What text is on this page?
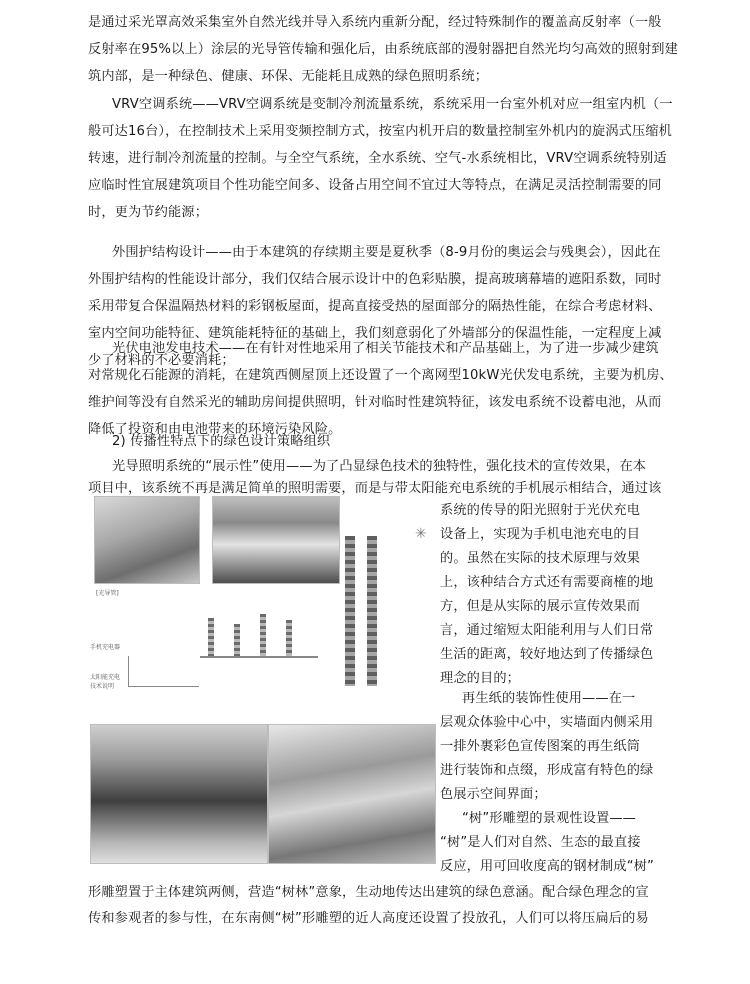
是通过采光罩高效采集室外自然光线并导入系统内重新分配，经过特殊制作的覆盖高反射率（一般
反射率在95%以上）涂层的光导管传输和强化后，由系统底部的漫射器把自然光均匀高效的照射到建
筑内部，是一种绿色、健康、环保、无能耗且成熟的绿色照明系统；
VRV空调系统——VRV空调系统是变制冷剂流量系统，系统采用一台室外机对应一组室内机（一
般可达16台），在控制技术上采用变频控制方式，按室内机开启的数量控制室外机内的旋涡式压缩机
转速，进行制冷剂流量的控制。与全空气系统，全水系统、空气-水系统相比，VRV空调系统特别适
应临时性宜展建筑项目个性功能空间多、设备占用空间不宜过大等特点，在满足灵活控制需要的同
时，更为节约能源；
外围护结构设计——由于本建筑的存续期主要是夏秋季（8-9月份的奥运会与残奥会），因此在
外围护结构的性能设计部分，我们仅结合展示设计中的色彩贴膜，提高玻璃幕墙的遮阳系数，同时
采用带复合保温隔热材料的彩钢板屋面，提高直接受热的屋面部分的隔热性能，在综合考虑材料、
室内空间功能特征、建筑能耗特征的基础上，我们刻意弱化了外墙部分的保温性能，一定程度上减
少了材料的不必要消耗；
光伏电池发电技术——在有针对性地采用了相关节能技术和产品基础上，为了进一步减少建筑
对常规化石能源的消耗，在建筑西侧屋顶上还设置了一个离网型10kW光伏发电系统，主要为机房、
维护间等没有自然采光的辅助房间提供照明，针对临时性建筑特征，该发电系统不设蓄电池，从而
降低了投资和由电池带来的环境污染风险。
2) 传播性特点下的绿色设计策略组织
光导照明系统的“展示性”使用——为了凸显绿色技术的独特性，强化技术的宣传效果，在本
项目中，该系统不再是满足简单的照明需要，而是与带太阳能充电系统的手机展示相结合，通过该
[光导管]
手机充电器
太阳能充电
技术说明
✳
系统的传导的阳光照射于光伏充电
设备上，实现为手机电池充电的目
的。虽然在实际的技术原理与效果
上，该种结合方式还有需要商榷的地
方，但是从实际的展示宣传效果而
言，通过缩短太阳能利用与人们日常
生活的距离，较好地达到了传播绿色
理念的目的；
再生纸的装饰性使用——在一
层观众体验中心中，实墙面内侧采用
一排外裹彩色宣传图案的再生纸筒
进行装饰和点缀，形成富有特色的绿
色展示空间界面；
“树”形雕塑的景观性设置——
“树”是人们对自然、生态的最直接
反应，用可回收度高的钢材制成“树”
形雕塑置于主体建筑两侧，营造“树林”意象，生动地传达出建筑的绿色意涵。配合绿色理念的宣
传和参观者的参与性，在东南侧“树”形雕塑的近人高度还设置了投放孔，人们可以将压扁后的易
